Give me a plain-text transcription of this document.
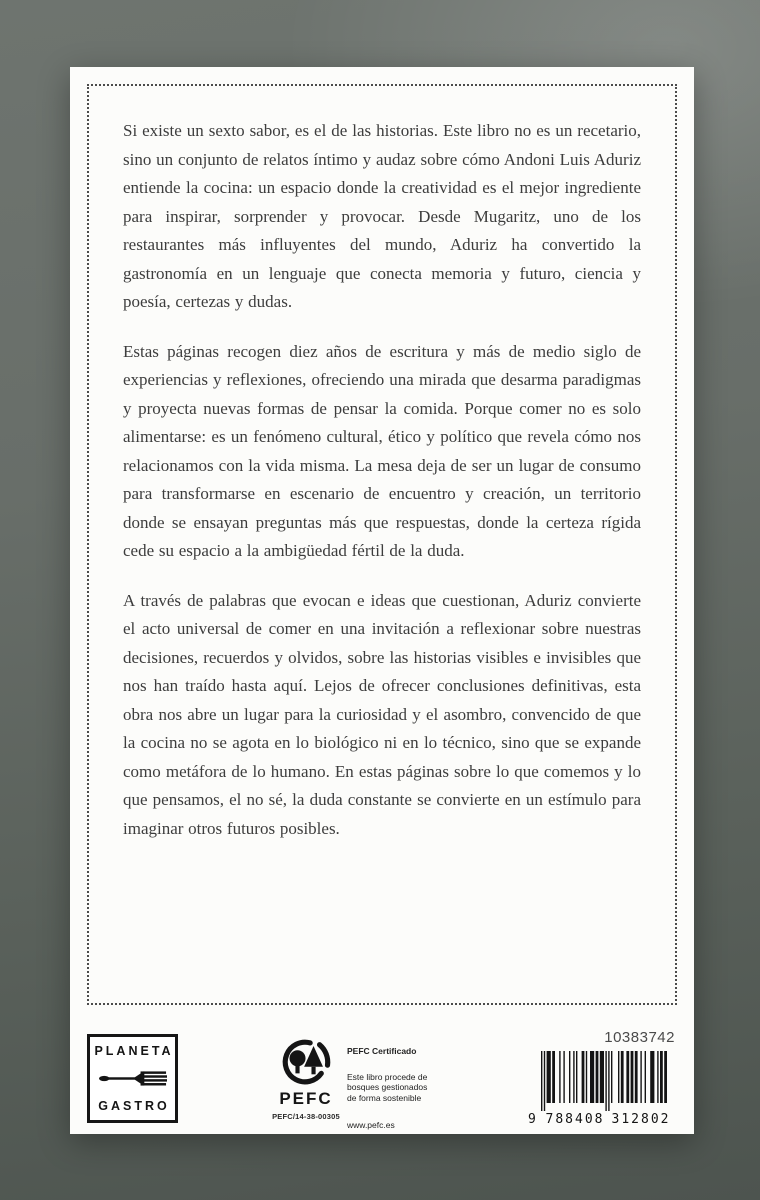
Si existe un sexto sabor, es el de las historias. Este libro no es un recetario, sino un conjunto de relatos íntimo y audaz sobre cómo Andoni Luis Aduriz entiende la cocina: un espacio donde la creatividad es el mejor ingrediente para inspirar, sorprender y provocar. Desde Mugaritz, uno de los restaurantes más influyentes del mundo, Aduriz ha convertido la gastronomía en un lenguaje que conecta memoria y futuro, ciencia y poesía, certezas y dudas.

Estas páginas recogen diez años de escritura y más de medio siglo de experiencias y reflexiones, ofreciendo una mirada que desarma paradigmas y proyecta nuevas formas de pensar la comida. Porque comer no es solo alimentarse: es un fenómeno cultural, ético y político que revela cómo nos relacionamos con la vida misma. La mesa deja de ser un lugar de consumo para transformarse en escenario de encuentro y creación, un territorio donde se ensayan preguntas más que respuestas, donde la certeza rígida cede su espacio a la ambigüedad fértil de la duda.

A través de palabras que evocan e ideas que cuestionan, Aduriz convierte el acto universal de comer en una invitación a reflexionar sobre nuestras decisiones, recuerdos y olvidos, sobre las historias visibles e invisibles que nos han traído hasta aquí. Lejos de ofrecer conclusiones definitivas, esta obra nos abre un lugar para la curiosidad y el asombro, convencido de que la cocina no se agota en lo biológico ni en lo técnico, sino que se expande como metáfora de lo humano. En estas páginas sobre lo que comemos y lo que pensamos, el no sé, la duda constante se convierte en un estímulo para imaginar otros futuros posibles.

PLANETA
GASTRO	PEFC
PEFC/14-38-00305
PEFC Certificado
Este libro procede de
bosques gestionados
de forma sostenible
www.pefc.es
10383742
9 788408 312802
